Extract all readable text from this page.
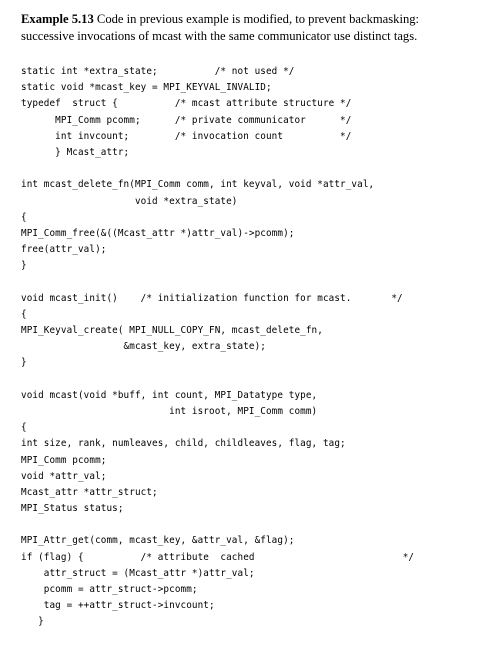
Example 5.13 Code in previous example is modified, to prevent backmasking: successive invocations of mcast with the same communicator use distinct tags.
static int *extra_state;          /* not used */
static void *mcast_key = MPI_KEYVAL_INVALID;
typedef  struct {          /* mcast attribute structure */
MPI_Comm pcomm;      /* private communicator      */
int invcount;        /* invocation count          */
} Mcast_attr;
int mcast_delete_fn(MPI_Comm comm, int keyval, void *attr_val,
void *extra_state)
{
MPI_Comm_free(&((Mcast_attr *)attr_val)->pcomm);
free(attr_val);
}
void mcast_init()    /* initialization function for mcast.       */
{
MPI_Keyval_create( MPI_NULL_COPY_FN, mcast_delete_fn,
&mcast_key, extra_state);
}
void mcast(void *buff, int count, MPI_Datatype type,
int isroot, MPI_Comm comm)
{
int size, rank, numleaves, child, childleaves, flag, tag;
MPI_Comm pcomm;
void *attr_val;
Mcast_attr *attr_struct;
MPI_Status status;
MPI_Attr_get(comm, mcast_key, &attr_val, &flag);
if (flag) {          /* attribute  cached                          */
attr_struct = (Mcast_attr *)attr_val;
pcomm = attr_struct->pcomm;
tag = ++attr_struct->invcount;
}
